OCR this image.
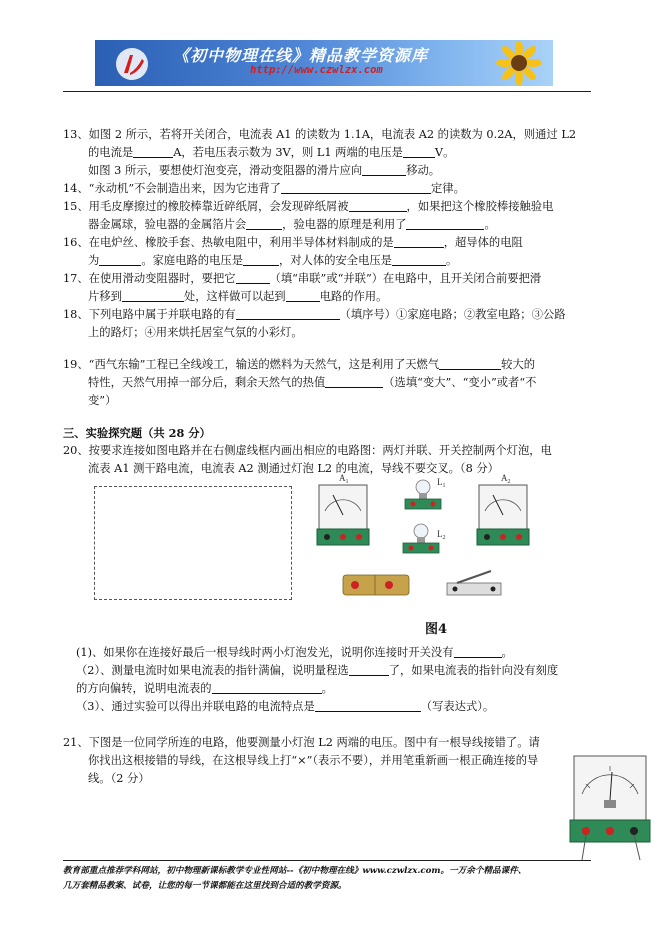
《初中物理在线》精品教学资源库
http://www.czwlzx.com
13、如图 2 所示，若将开关闭合，电流表 A1 的读数为 1.1A，电流表 A2 的读数为 0.2A，则通过 L2
的电流是	A，若电压表示数为 3V，则 L1 两端的电压是	V。
如图 3 所示，要想使灯泡变亮，滑动变阻器的滑片应向	移动。
14、“永动机”不会制造出来，因为它违背了	定律。
15、用毛皮摩擦过的橡胶棒靠近碎纸屑，会发现碎纸屑被	，如果把这个橡胶棒接触验电
器金属球，验电器的金属箔片会	，验电器的原理是利用了	。
16、在电炉丝、橡胶手套、热敏电阻中，利用半导体材料制成的是	，超导体的电阻
为	。家庭电路的电压是	，对人体的安全电压是	。
17、在使用滑动变阻器时，要把它	（填“串联”或“并联”）在电路中，且开关闭合前要把滑
片移到	处，这样做可以起到	电路的作用。
18、下列电路中属于并联电路的有	（填序号）①家庭电路；②教室电路；③公路
上的路灯；④用来烘托居室气氛的小彩灯。
19、“西气东输”工程已全线竣工，输送的燃料为天然气，这是利用了天燃气	较大的
特性，天然气用掉一部分后，剩余天然气的热值	（选填“变大”、“变小”或者“不
变”）
三、实验探究题（共 28 分）
20、按要求连接如图电路并在右侧虚线框内画出相应的电路图：两灯并联、开关控制两个灯泡，电
流表 A1 测干路电流，电流表 A2 测通过灯泡 L2 的电流，导线不要交叉。（8 分）
$A_1$	$A_2$
$L_1$
$L_2$
图4
(1)、如果你在连接好最后一根导线时两小灯泡发光，说明你连接时开关没有	。
（2）、测量电流时如果电流表的指针满偏，说明量程选	了，如果电流表的指针向没有刻度
的方向偏转，说明电流表的	。
（3）、通过实验可以得出并联电路的电流特点是	（写表达式）。
21、下图是一位同学所连的电路，他要测量小灯泡 L2 两端的电压。图中有一根导线接错了。请
你找出这根接错的导线，在这根导线上打“×”（表示不要），并用笔重新画一根正确连接的导
线。（2 分）
教育部重点推荐学科网站，初中物理新课标教学专业性网站--《初中物理在线》www.czwlzx.com。一万余个精品课件、
几万套精品教案、试卷，让您的每一节课都能在这里找到合适的教学资源。
